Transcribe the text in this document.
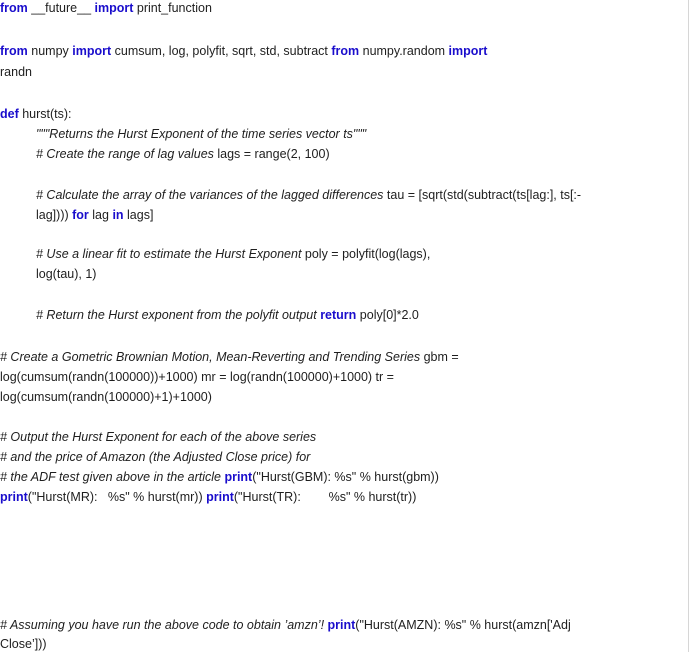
from __future__ import print_function
from numpy import cumsum, log, polyfit, sqrt, std, subtract from numpy.random import
randn
def hurst(ts):
"""Returns the Hurst Exponent of the time series vector ts"""
# Create the range of lag values lags = range(2, 100)
# Calculate the array of the variances of the lagged differences tau = [sqrt(std(subtract(ts[lag:], ts[:-
lag]))) for lag in lags]
# Use a linear fit to estimate the Hurst Exponent poly = polyfit(log(lags),
log(tau), 1)
# Return the Hurst exponent from the polyfit output return poly[0]*2.0
# Create a Gometric Brownian Motion, Mean-Reverting and Trending Series gbm =
log(cumsum(randn(100000))+1000) mr = log(randn(100000)+1000) tr =
log(cumsum(randn(100000)+1)+1000)
# Output the Hurst Exponent for each of the above series
# and the price of Amazon (the Adjusted Close price) for
# the ADF test given above in the article print("Hurst(GBM): %s" % hurst(gbm))
print("Hurst(MR):   %s" % hurst(mr)) print("Hurst(TR):        %s" % hurst(tr))
# Assuming you have run the above code to obtain ’amzn’! print("Hurst(AMZN): %s" % hurst(amzn['Adj
Close’]))
